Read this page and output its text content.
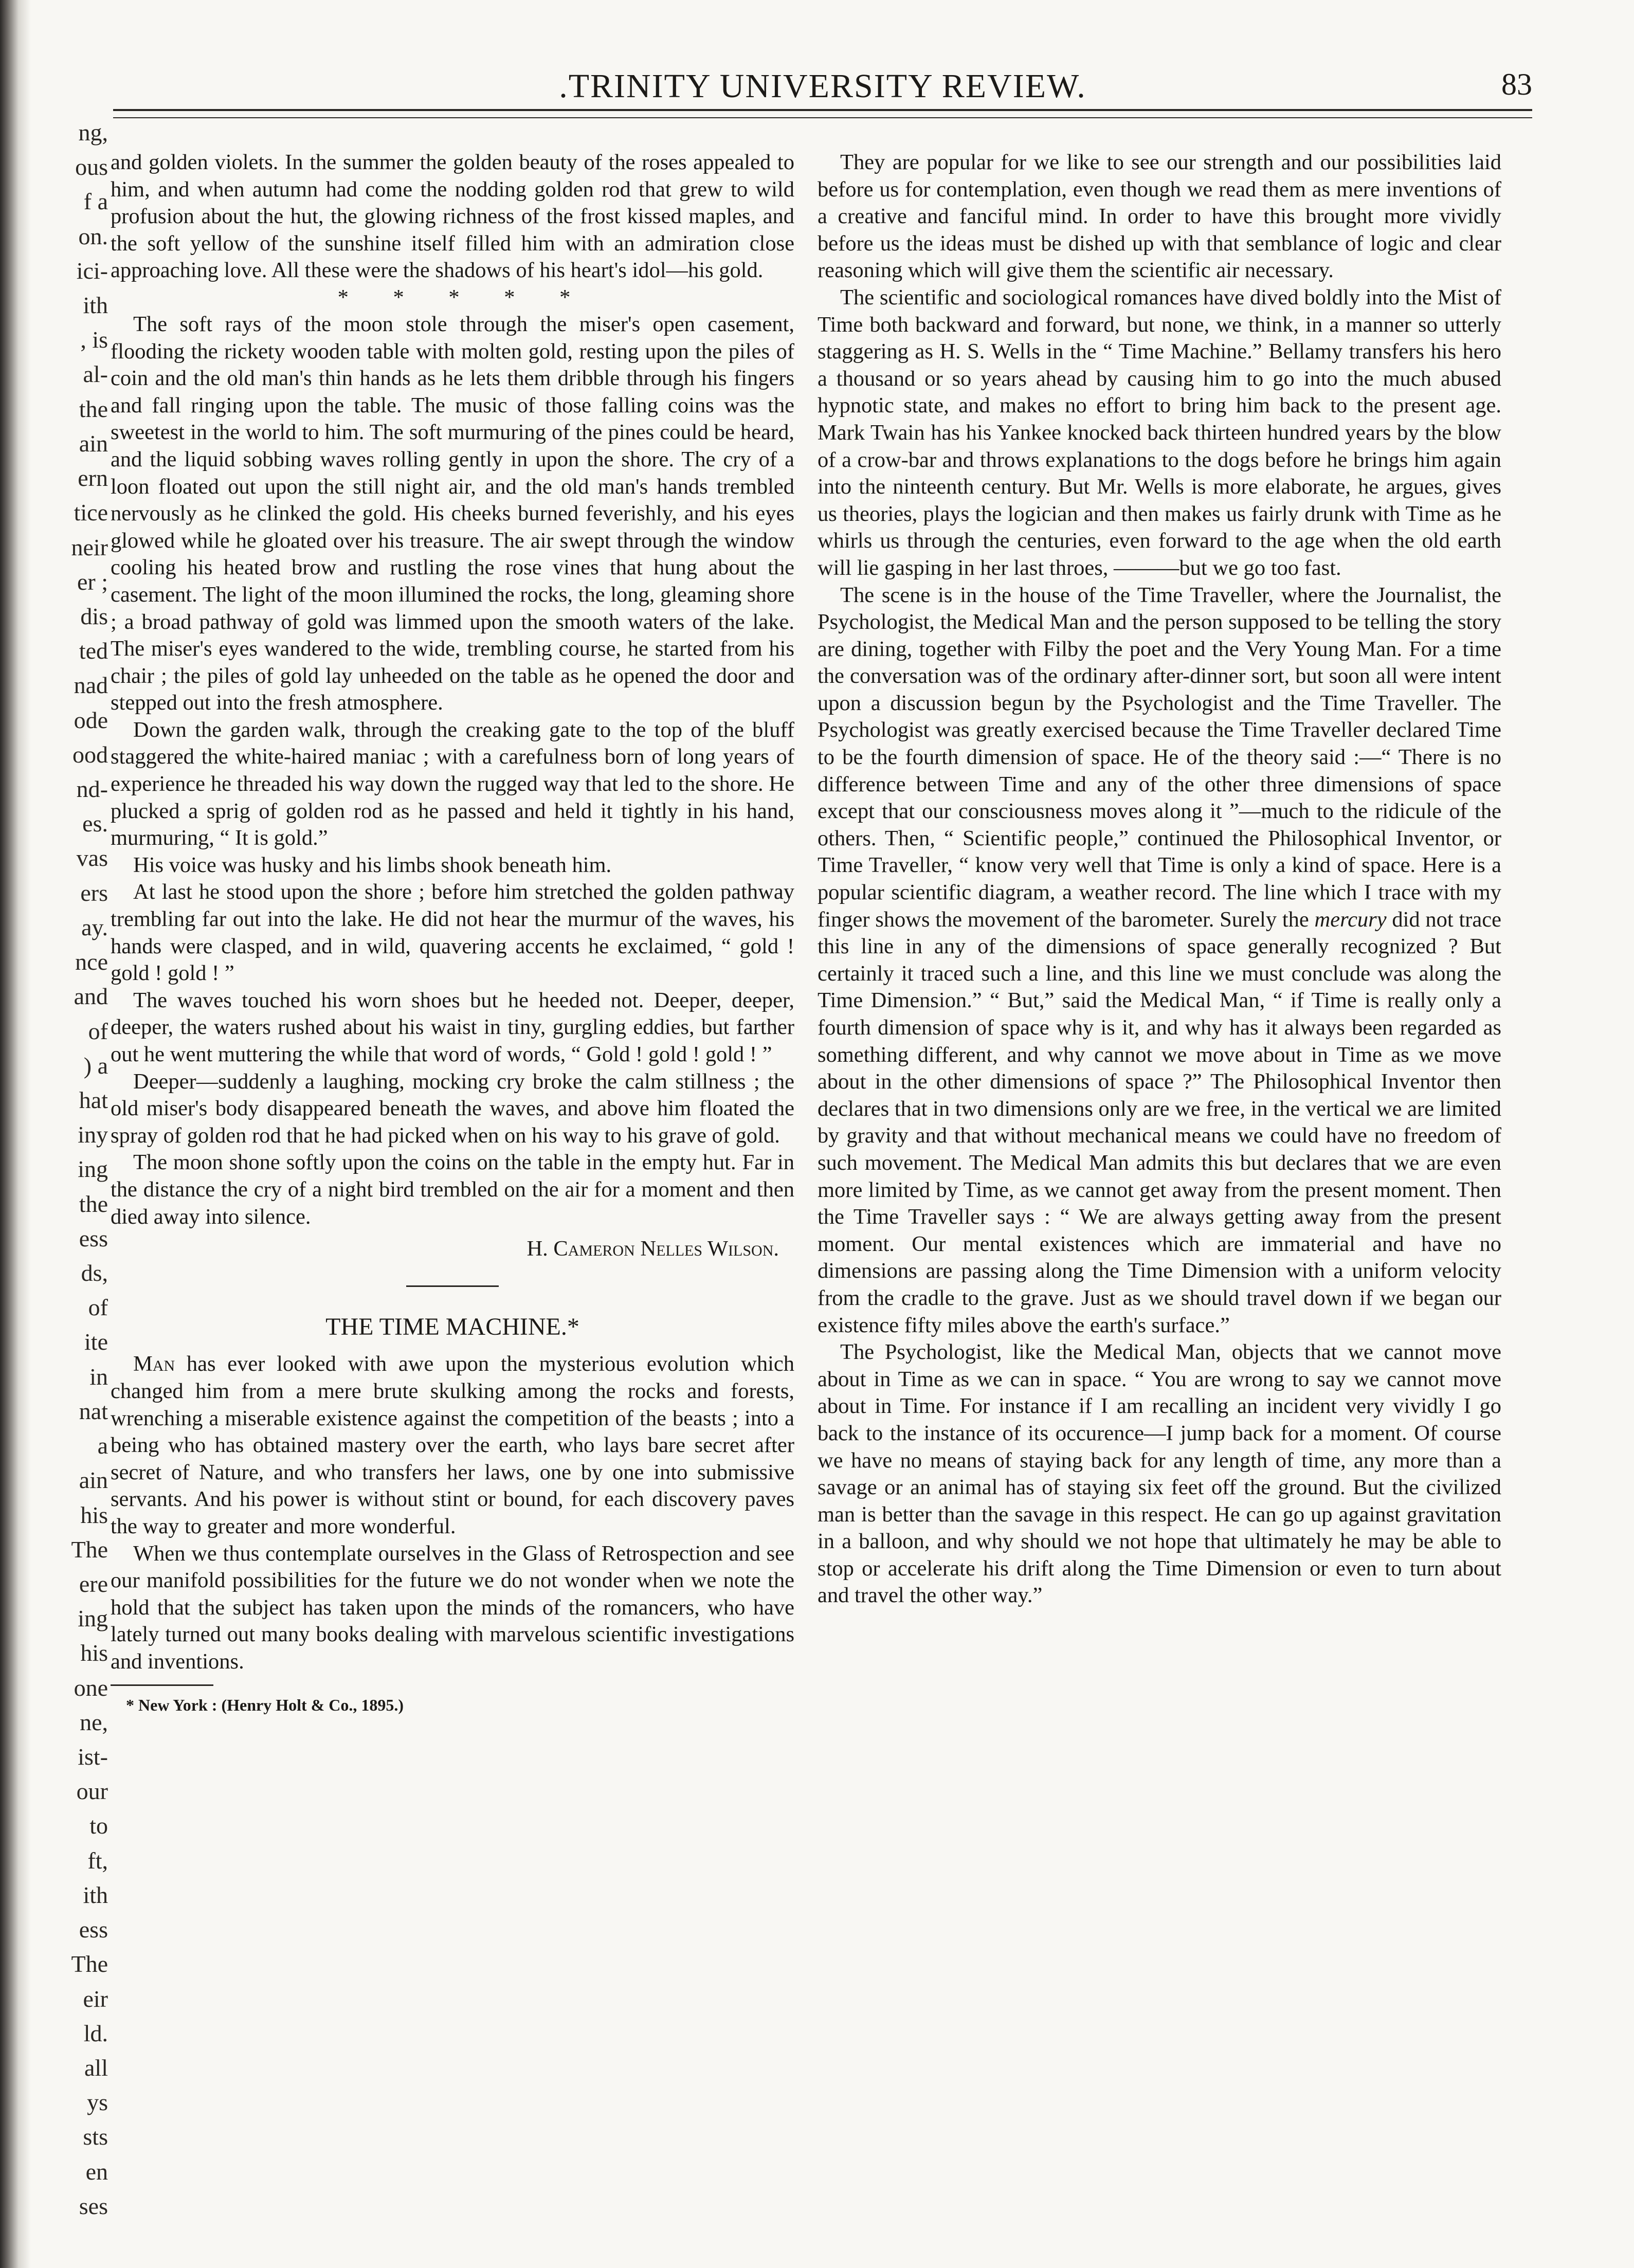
ng,
ous
f a
on.
ici-
ith
, is
al-
the
ain
ern
tice
neir
er ;
dis
ted
nad
ode
ood
nd-
es.
vas
ers
ay.
nce
and
of
) a
hat
iny
ing
the
ess
ds,
of
ite
in
nat
a
ain
his
The
ere
ing
his
one
ne,
ist-
our
to
ft,
ith
ess
The
eir
ld.
all
ys
sts
en
ses
.TRINITY UNIVERSITY REVIEW.	83

and golden violets. In the summer the golden beauty of the roses appealed to him, and when autumn had come the nodding golden rod that grew to wild profusion about the hut, the glowing richness of the frost kissed maples, and the soft yellow of the sunshine itself filled him with an admiration close approaching love. All these were the shadows of his heart's idol—his gold.

* * * * *

The soft rays of the moon stole through the miser's open casement, flooding the rickety wooden table with molten gold, resting upon the piles of coin and the old man's thin hands as he lets them dribble through his fingers and fall ringing upon the table. The music of those falling coins was the sweetest in the world to him. The soft murmuring of the pines could be heard, and the liquid sobbing waves rolling gently in upon the shore. The cry of a loon floated out upon the still night air, and the old man's hands trembled nervously as he clinked the gold. His cheeks burned feverishly, and his eyes glowed while he gloated over his treasure. The air swept through the window cooling his heated brow and rustling the rose vines that hung about the casement. The light of the moon illumined the rocks, the long, gleaming shore ; a broad pathway of gold was limmed upon the smooth waters of the lake. The miser's eyes wandered to the wide, trembling course, he started from his chair ; the piles of gold lay unheeded on the table as he opened the door and stepped out into the fresh atmosphere.

Down the garden walk, through the creaking gate to the top of the bluff staggered the white-haired maniac ; with a carefulness born of long years of experience he threaded his way down the rugged way that led to the shore. He plucked a sprig of golden rod as he passed and held it tightly in his hand, murmuring, “ It is gold.”

His voice was husky and his limbs shook beneath him.

At last he stood upon the shore ; before him stretched the golden pathway trembling far out into the lake. He did not hear the murmur of the waves, his hands were clasped, and in wild, quavering accents he exclaimed, “ gold ! gold ! gold ! ”

The waves touched his worn shoes but he heeded not. Deeper, deeper, deeper, the waters rushed about his waist in tiny, gurgling eddies, but farther out he went muttering the while that word of words, “ Gold ! gold ! gold ! ”

Deeper—suddenly a laughing, mocking cry broke the calm stillness ; the old miser's body disappeared beneath the waves, and above him floated the spray of golden rod that he had picked when on his way to his grave of gold.

The moon shone softly upon the coins on the table in the empty hut. Far in the distance the cry of a night bird trembled on the air for a moment and then died away into silence.

H. Cameron Nelles Wilson.

THE TIME MACHINE.*

Man has ever looked with awe upon the mysterious evolution which changed him from a mere brute skulking among the rocks and forests, wrenching a miserable existence against the competition of the beasts ; into a being who has obtained mastery over the earth, who lays bare secret after secret of Nature, and who transfers her laws, one by one into submissive servants. And his power is without stint or bound, for each discovery paves the way to greater and more wonderful.

When we thus contemplate ourselves in the Glass of Retrospection and see our manifold possibilities for the future we do not wonder when we note the hold that the subject has taken upon the minds of the romancers, who have lately turned out many books dealing with marvelous scientific investigations and inventions.

* New York : (Henry Holt & Co., 1895.)

They are popular for we like to see our strength and our possibilities laid before us for contemplation, even though we read them as mere inventions of a creative and fanciful mind. In order to have this brought more vividly before us the ideas must be dished up with that semblance of logic and clear reasoning which will give them the scientific air necessary.

The scientific and sociological romances have dived boldly into the Mist of Time both backward and forward, but none, we think, in a manner so utterly staggering as H. S. Wells in the “ Time Machine.” Bellamy transfers his hero a thousand or so years ahead by causing him to go into the much abused hypnotic state, and makes no effort to bring him back to the present age. Mark Twain has his Yankee knocked back thirteen hundred years by the blow of a crow-bar and throws explanations to the dogs before he brings him again into the ninteenth century. But Mr. Wells is more elaborate, he argues, gives us theories, plays the logician and then makes us fairly drunk with Time as he whirls us through the centuries, even forward to the age when the old earth will lie gasping in her last throes, ———but we go too fast.

The scene is in the house of the Time Traveller, where the Journalist, the Psychologist, the Medical Man and the person supposed to be telling the story are dining, together with Filby the poet and the Very Young Man. For a time the conversation was of the ordinary after-dinner sort, but soon all were intent upon a discussion begun by the Psychologist and the Time Traveller. The Psychologist was greatly exercised because the Time Traveller declared Time to be the fourth dimension of space. He of the theory said :—“ There is no difference between Time and any of the other three dimensions of space except that our consciousness moves along it ”—much to the ridicule of the others. Then, “ Scientific people,” continued the Philosophical Inventor, or Time Traveller, “ know very well that Time is only a kind of space. Here is a popular scientific diagram, a weather record. The line which I trace with my finger shows the movement of the barometer. Surely the mercury did not trace this line in any of the dimensions of space generally recognized ? But certainly it traced such a line, and this line we must conclude was along the Time Dimension.” “ But,” said the Medical Man, “ if Time is really only a fourth dimension of space why is it, and why has it always been regarded as something different, and why cannot we move about in Time as we move about in the other dimensions of space ?” The Philosophical Inventor then declares that in two dimensions only are we free, in the vertical we are limited by gravity and that without mechanical means we could have no freedom of such movement. The Medical Man admits this but declares that we are even more limited by Time, as we cannot get away from the present moment. Then the Time Traveller says : “ We are always getting away from the present moment. Our mental existences which are immaterial and have no dimensions are passing along the Time Dimension with a uniform velocity from the cradle to the grave. Just as we should travel down if we began our existence fifty miles above the earth's surface.”

The Psychologist, like the Medical Man, objects that we cannot move about in Time as we can in space. “ You are wrong to say we cannot move about in Time. For instance if I am recalling an incident very vividly I go back to the instance of its occurence—I jump back for a moment. Of course we have no means of staying back for any length of time, any more than a savage or an animal has of staying six feet off the ground. But the civilized man is better than the savage in this respect. He can go up against gravitation in a balloon, and why should we not hope that ultimately he may be able to stop or accelerate his drift along the Time Dimension or even to turn about and travel the other way.”
